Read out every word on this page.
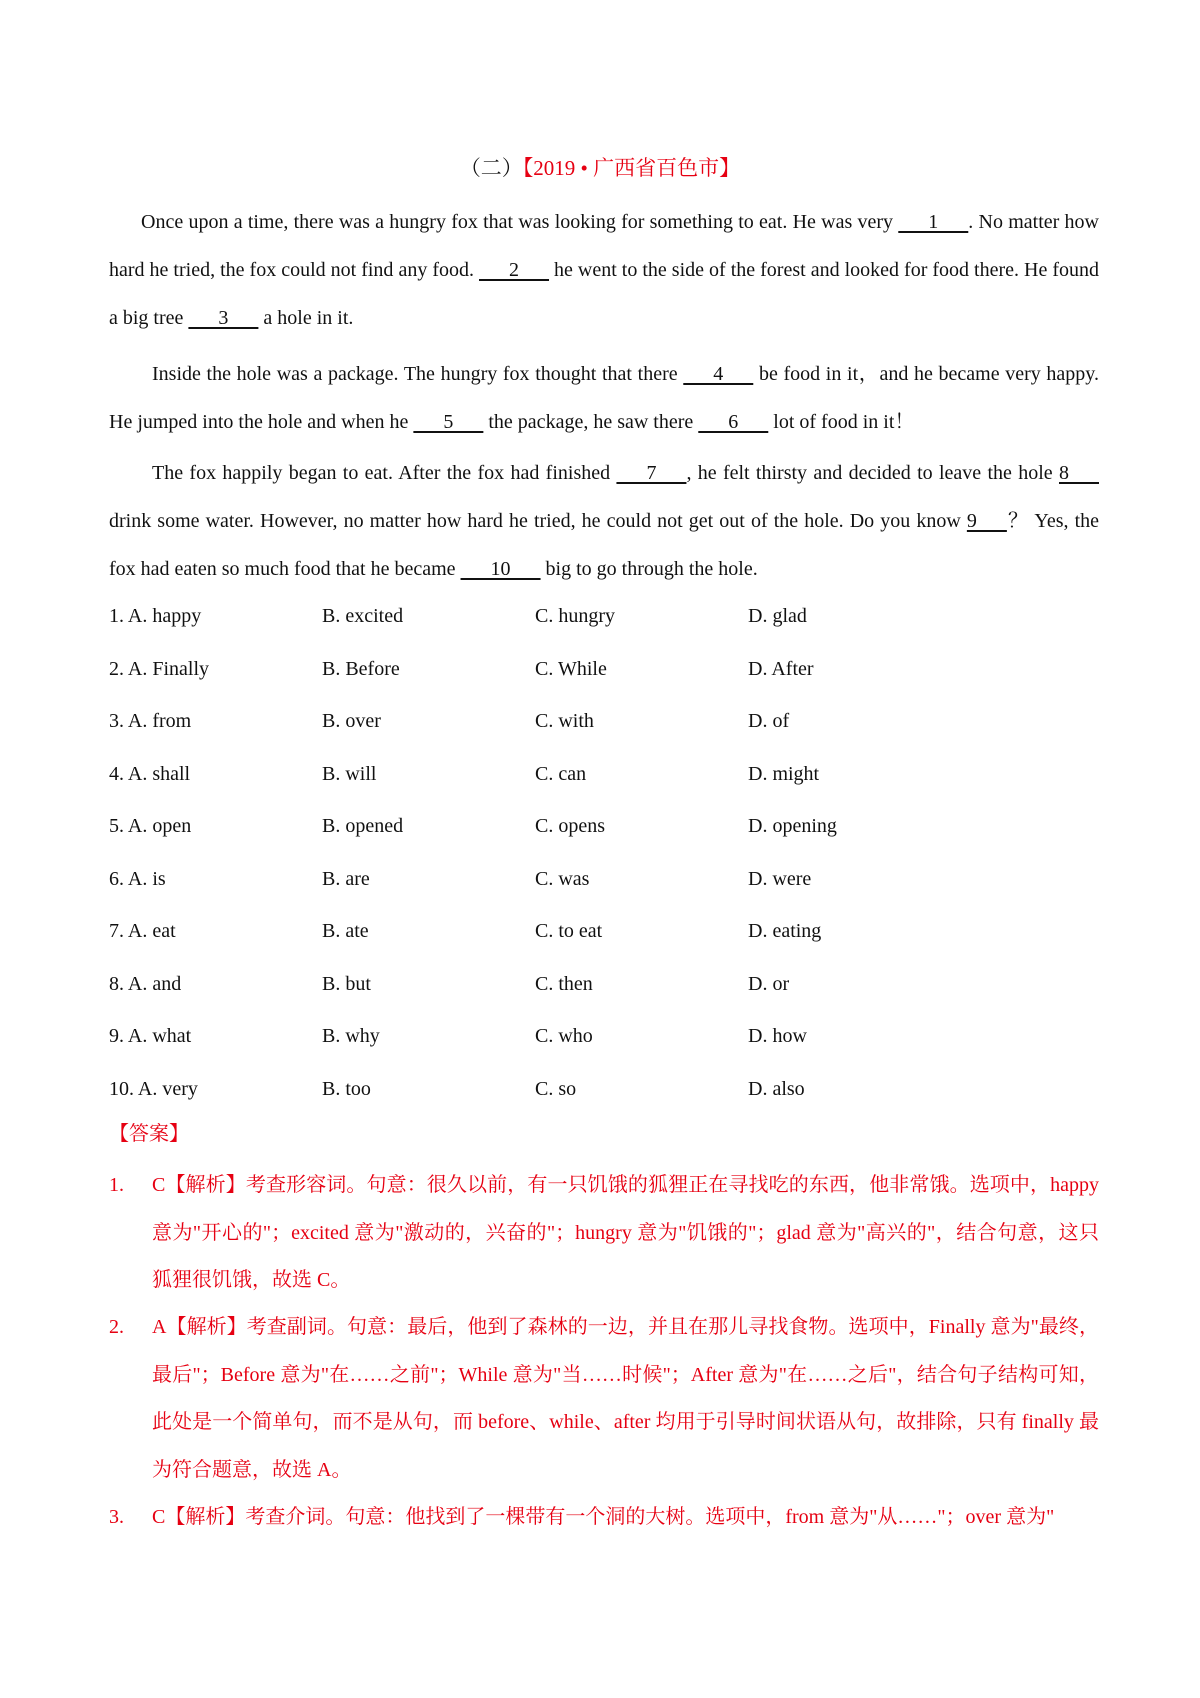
（二）【2019 • 广西省百色市】
Once upon a time, there was a hungry fox that was looking for something to eat. He was very       1      . No matter how hard he tried, the fox could not find any food.       2       he went to the side of the forest and looked for food there. He found a big tree       3       a hole in it.
Inside the hole was a package. The hungry fox thought that there       4       be food in it，and he became very happy. He jumped into the hole and when he       5       the package, he saw there       6       lot of food in it！
The fox happily began to eat. After the fox had finished       7      , he felt thirsty and decided to leave the hole 8       drink some water. However, no matter how hard he tried, he could not get out of the hole. Do you know 9      ？ Yes, the fox had eaten so much food that he became       10       big to go through the hole.
1. A. happy	B. excited	C. hungry	D. glad
2. A. Finally	B. Before	C. While	D. After
3. A. from	B. over	C. with	D. of
4. A. shall	B. will	C. can	D. might
5. A. open	B. opened	C. opens	D. opening
6. A. is	B. are	C. was	D. were
7. A. eat	B. ate	C. to eat	D. eating
8. A. and	B. but	C. then	D. or
9. A. what	B. why	C. who	D. how
10. A. very	B. too	C. so	D. also
【答案】
1.	C【解析】考查形容词。句意：很久以前，有一只饥饿的狐狸正在寻找吃的东西，他非常饿。选项中，happy 意为"开心的"；excited 意为"激动的，兴奋的"；hungry 意为"饥饿的"；glad 意为"高兴的"，结合句意，这只狐狸很饥饿，故选 C。
2.	A【解析】考查副词。句意：最后，他到了森林的一边，并且在那儿寻找食物。选项中，Finally 意为"最终，最后"；Before 意为"在……之前"；While 意为"当……时候"；After 意为"在……之后"，结合句子结构可知，此处是一个简单句，而不是从句，而 before、while、after 均用于引导时间状语从句，故排除，只有 finally 最为符合题意，故选 A。
3.	C【解析】考查介词。句意：他找到了一棵带有一个洞的大树。选项中，from 意为"从……"；over 意为"
